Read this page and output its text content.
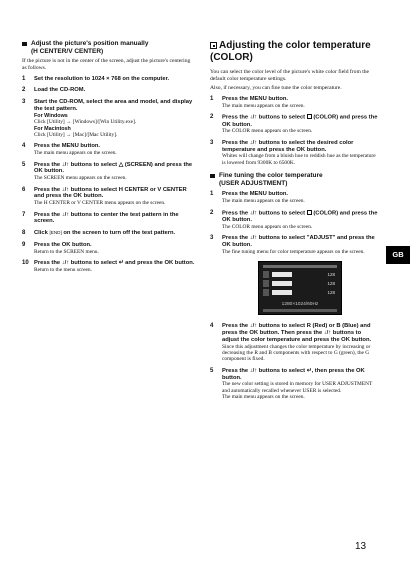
Adjust the picture's position manually
(H CENTER/V CENTER)

If the picture is not in the center of the screen, adjust the picture's centering as follows.

1 Set the resolution to 1024 × 768 on the computer.
2 Load the CD-ROM.
3 Start the CD-ROM, select the area and model, and display the test pattern.
For Windows
Click [Utility] → [Windows]/[Win Utility.exe].
For Macintosh
Click [Utility] → [Mac]/[Mac Utility].
4 Press the MENU button.
The main menu appears on the screen.
5 Press the ↓/↑ buttons to select △ (SCREEN) and press the OK button.
The SCREEN menu appears on the screen.
6 Press the ↓/↑ buttons to select H CENTER or V CENTER and press the OK button.
The H CENTER or V CENTER menu appears on the screen.
7 Press the ↓/↑ buttons to center the test pattern in the screen.
8 Click [END] on the screen to turn off the test pattern.
9 Press the OK button.
Return to the SCREEN menu.
10 Press the ↓/↑ buttons to select ↵ and press the OK button.
Return to the menu screen.
Adjusting the color temperature (COLOR)

You can select the color level of the picture's white color field from the default color temperature settings.

Also, if necessary, you can fine tune the color temperature.

1 Press the MENU button.
The main menu appears on the screen.
2 Press the ↓/↑ buttons to select (COLOR) and press the OK button.
The COLOR menu appears on the screen.
3 Press the ↓/↑ buttons to select the desired color temperature and press the OK button.
Whites will change from a bluish hue to reddish hue as the temperature is lowered from 9300K to 6500K.
Fine tuning the color temperature
(USER ADJUSTMENT)
1 Press the MENU button.
The main menu appears on the screen.
2 Press the ↓/↑ buttons to select (COLOR) and press the OK button.
The COLOR menu appears on the screen.
3 Press the ↓/↑ buttons to select "ADJUST" and press the OK button.
The fine tuning menu for color temperature appears on the screen.
128
128
128
1280×1024/60Hz
4 Press the ↓/↑ buttons to select R (Red) or B (Blue) and press the OK button. Then press the ↓/↑ buttons to adjust the color temperature and press the OK button.
Since this adjustment changes the color temperature by increasing or decreasing the R and B components with respect to G (green), the G component is fixed.
5 Press the ↓/↑ buttons to select ↵, then press the OK button.
The new color setting is stored in memory for USER ADJUSTMENT and automatically recalled whenever USER is selected.
The main menu appears on the screen.
GB
13
